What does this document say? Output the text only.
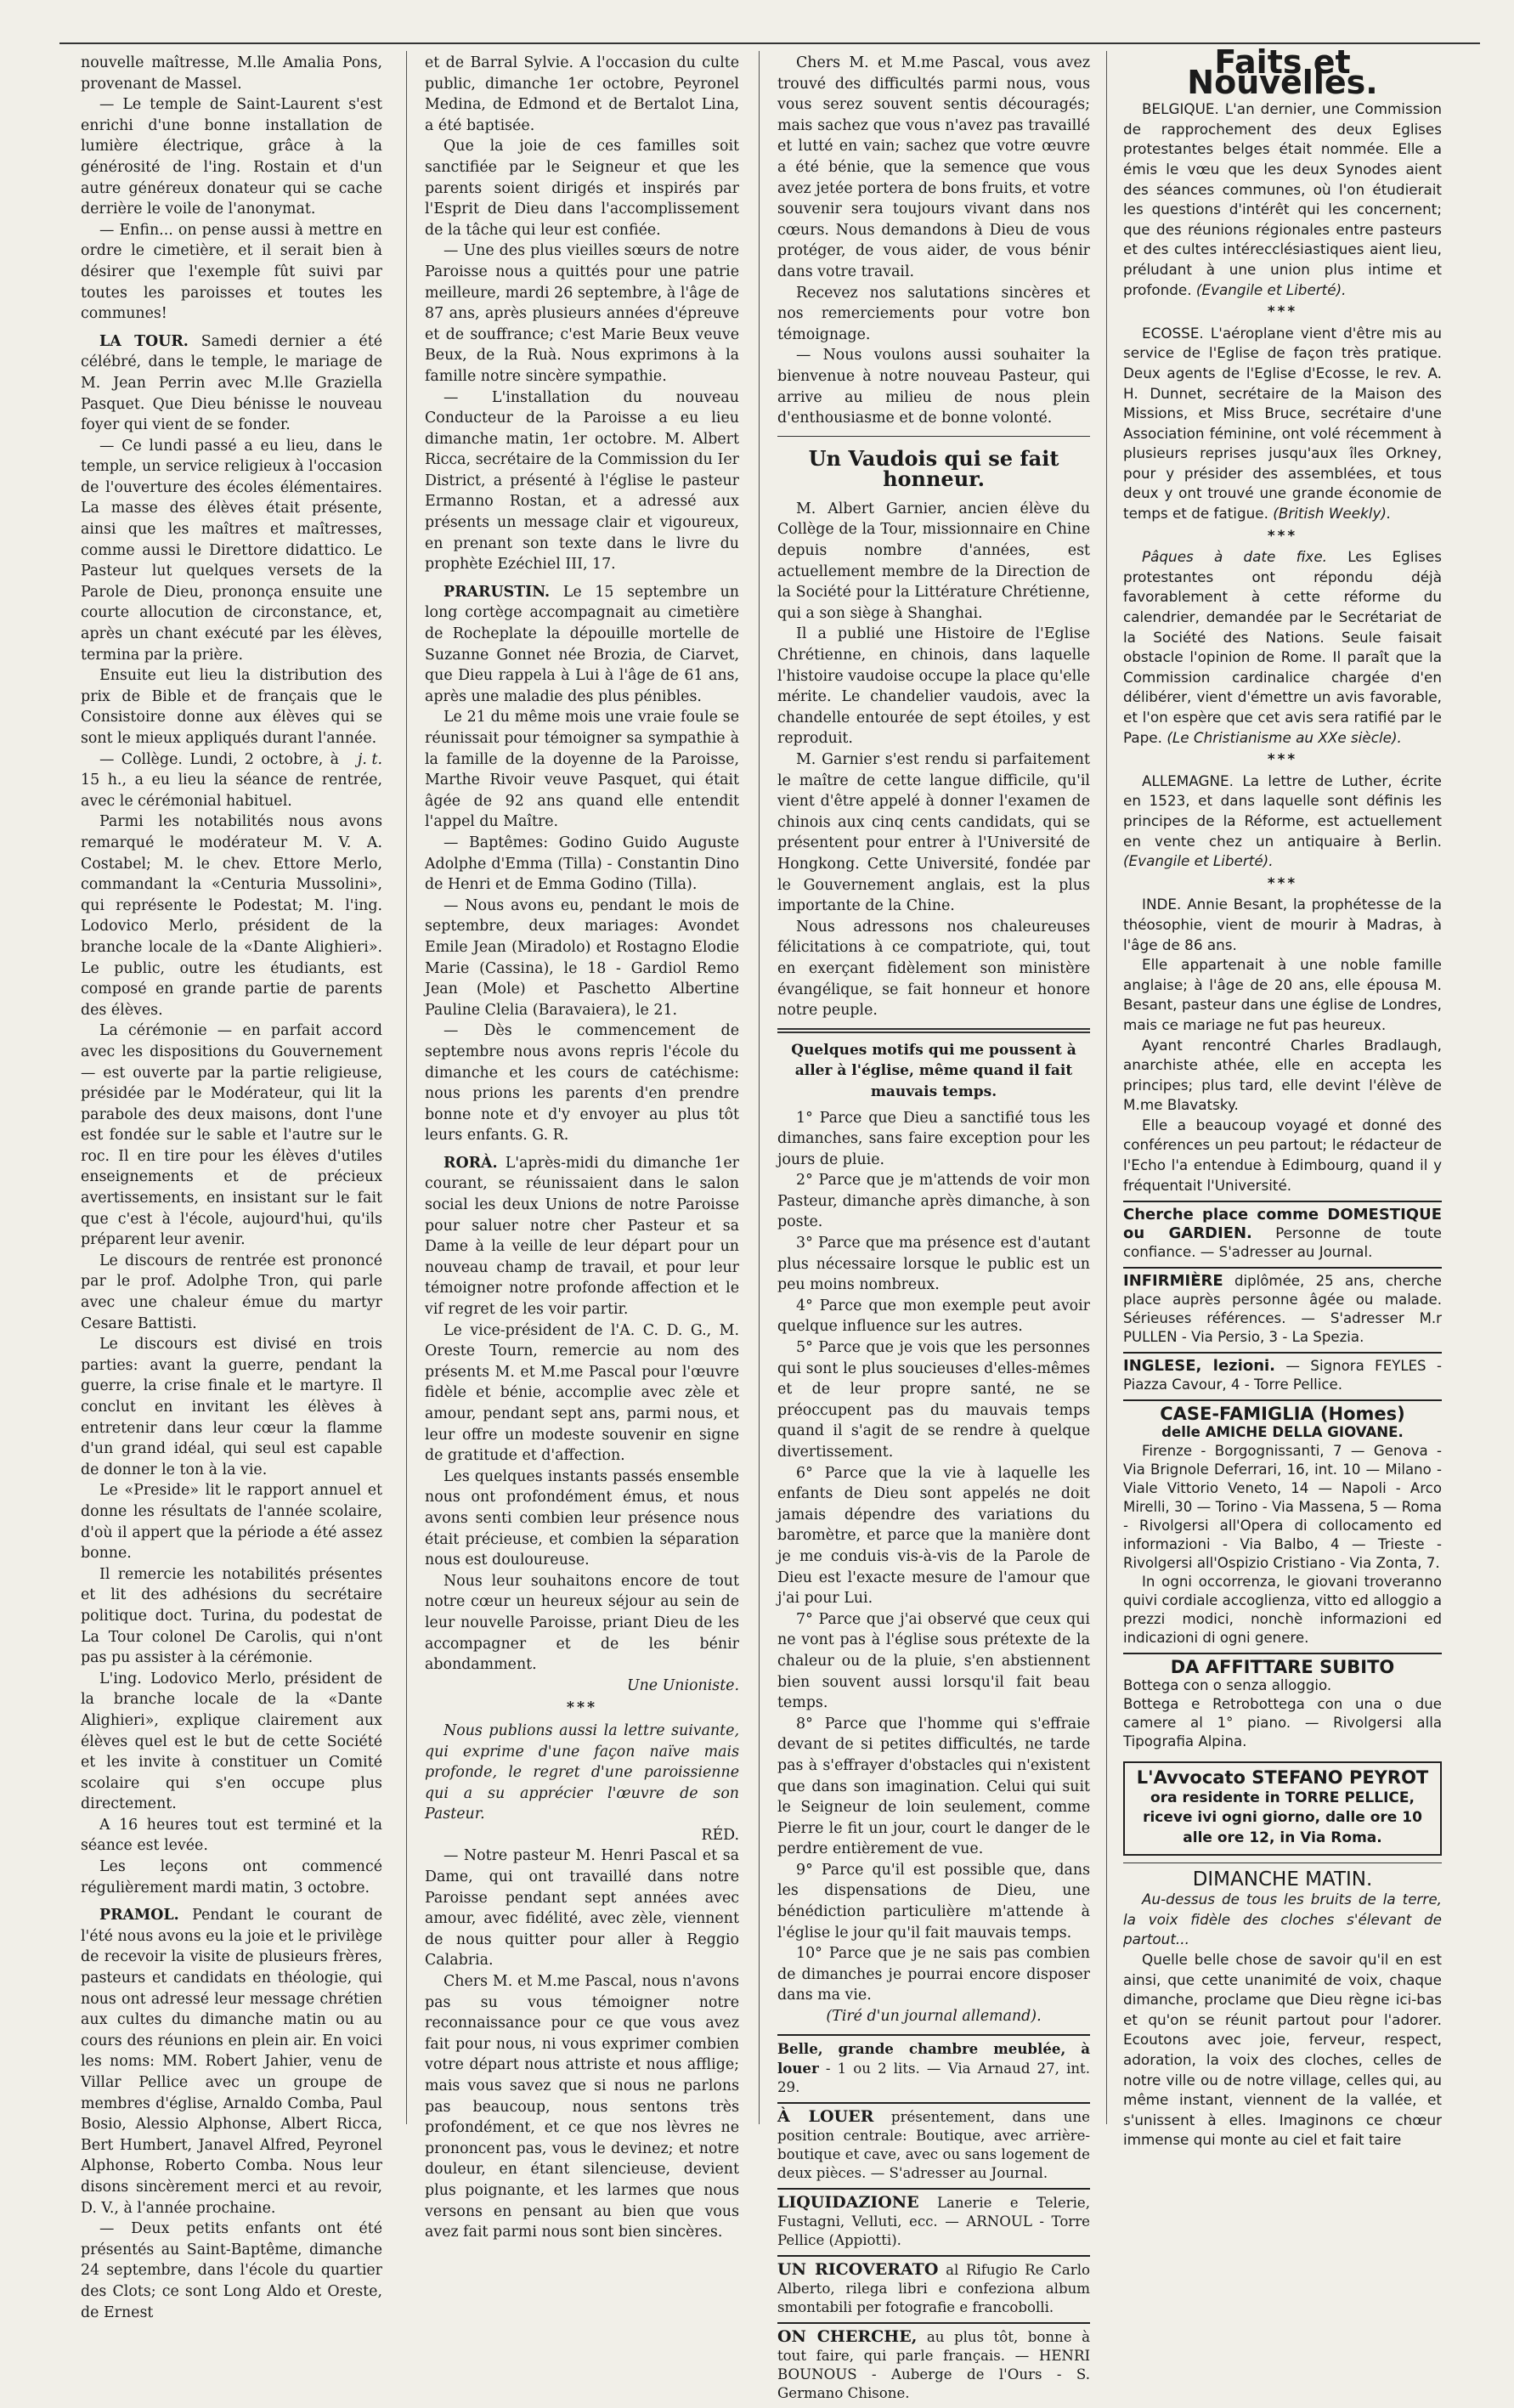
nouvelle maîtresse, M.lle Amalia Pons, provenant de Massel.

— Le temple de Saint-Laurent s'est enrichi d'une bonne installation de lumière électrique, grâce à la générosité de l'ing. Rostain et d'un autre généreux donateur qui se cache derrière le voile de l'anonymat.

— Enfin... on pense aussi à mettre en ordre le cimetière, et il serait bien à désirer que l'exemple fût suivi par toutes les paroisses et toutes les communes!

LA TOUR. Samedi dernier a été célébré, dans le temple, le mariage de M. Jean Perrin avec M.lle Graziella Pasquet. Que Dieu bénisse le nouveau foyer qui vient de se fonder.

— Ce lundi passé a eu lieu, dans le temple, un service religieux à l'occasion de l'ouverture des écoles élémentaires. La masse des élèves était présente, ainsi que les maîtres et maîtresses, comme aussi le Direttore didattico. Le Pasteur lut quelques versets de la Parole de Dieu, prononça ensuite une courte allocution de circonstance, et, après un chant exécuté par les élèves, termina par la prière.

Ensuite eut lieu la distribution des prix de Bible et de français que le Consistoire donne aux élèves qui se sont le mieux appliqués durant l'année.
j. t.

— Collège. Lundi, 2 octobre, à 15 h., a eu lieu la séance de rentrée, avec le cérémonial habituel.

Parmi les notabilités nous avons remarqué le modérateur M. V. A. Costabel; M. le chev. Ettore Merlo, commandant la «Centuria Mussolini», qui représente le Podestat; M. l'ing. Lodovico Merlo, président de la branche locale de la «Dante Alighieri». Le public, outre les étudiants, est composé en grande partie de parents des élèves.

La cérémonie — en parfait accord avec les dispositions du Gouvernement — est ouverte par la partie religieuse, présidée par le Modérateur, qui lit la parabole des deux maisons, dont l'une est fondée sur le sable et l'autre sur le roc. Il en tire pour les élèves d'utiles enseignements et de précieux avertissements, en insistant sur le fait que c'est à l'école, aujourd'hui, qu'ils préparent leur avenir.

Le discours de rentrée est prononcé par le prof. Adolphe Tron, qui parle avec une chaleur émue du martyr Cesare Battisti.

Le discours est divisé en trois parties: avant la guerre, pendant la guerre, la crise finale et le martyre. Il conclut en invitant les élèves à entretenir dans leur cœur la flamme d'un grand idéal, qui seul est capable de donner le ton à la vie.

Le «Preside» lit le rapport annuel et donne les résultats de l'année scolaire, d'où il appert que la période a été assez bonne.

Il remercie les notabilités présentes et lit des adhésions du secrétaire politique doct. Turina, du podestat de La Tour colonel De Carolis, qui n'ont pas pu assister à la cérémonie.

L'ing. Lodovico Merlo, président de la branche locale de la «Dante Alighieri», explique clairement aux élèves quel est le but de cette Société et les invite à constituer un Comité scolaire qui s'en occupe plus directement.

A 16 heures tout est terminé et la séance est levée.

Les leçons ont commencé régulièrement mardi matin, 3 octobre.

PRAMOL. Pendant le courant de l'été nous avons eu la joie et le privilège de recevoir la visite de plusieurs frères, pasteurs et candidats en théologie, qui nous ont adressé leur message chrétien aux cultes du dimanche matin ou au cours des réunions en plein air. En voici les noms: MM. Robert Jahier, venu de Villar Pellice avec un groupe de membres d'église, Arnaldo Comba, Paul Bosio, Alessio Alphonse, Albert Ricca, Bert Humbert, Janavel Alfred, Peyronel Alphonse, Roberto Comba. Nous leur disons sincèrement merci et au revoir, D. V., à l'année prochaine.

— Deux petits enfants ont été présentés au Saint-Baptême, dimanche 24 septembre, dans l'école du quartier des Clots; ce sont Long Aldo et Oreste, de Ernest

et de Barral Sylvie. A l'occasion du culte public, dimanche 1er octobre, Peyronel Medina, de Edmond et de Bertalot Lina, a été baptisée.

Que la joie de ces familles soit sanctifiée par le Seigneur et que les parents soient dirigés et inspirés par l'Esprit de Dieu dans l'accomplissement de la tâche qui leur est confiée.

— Une des plus vieilles sœurs de notre Paroisse nous a quittés pour une patrie meilleure, mardi 26 septembre, à l'âge de 87 ans, après plusieurs années d'épreuve et de souffrance; c'est Marie Beux veuve Beux, de la Ruà. Nous exprimons à la famille notre sincère sympathie.

— L'installation du nouveau Conducteur de la Paroisse a eu lieu dimanche matin, 1er octobre. M. Albert Ricca, secrétaire de la Commission du Ier District, a présenté à l'église le pasteur Ermanno Rostan, et a adressé aux présents un message clair et vigoureux, en prenant son texte dans le livre du prophète Ezéchiel III, 17.

PRARUSTIN. Le 15 septembre un long cortège accompagnait au cimetière de Rocheplate la dépouille mortelle de Suzanne Gonnet née Brozia, de Ciarvet, que Dieu rappela à Lui à l'âge de 61 ans, après une maladie des plus pénibles.

Le 21 du même mois une vraie foule se réunissait pour témoigner sa sympathie à la famille de la doyenne de la Paroisse, Marthe Rivoir veuve Pasquet, qui était âgée de 92 ans quand elle entendit l'appel du Maître.

— Baptêmes: Godino Guido Auguste Adolphe d'Emma (Tilla) - Constantin Dino de Henri et de Emma Godino (Tilla).

— Nous avons eu, pendant le mois de septembre, deux mariages: Avondet Emile Jean (Miradolo) et Rostagno Elodie Marie (Cassina), le 18 - Gardiol Remo Jean (Mole) et Paschetto Albertine Pauline Clelia (Baravaiera), le 21.

— Dès le commencement de septembre nous avons repris l'école du dimanche et les cours de catéchisme: nous prions les parents d'en prendre bonne note et d'y envoyer au plus tôt leurs enfants. G. R.

RORÀ. L'après-midi du dimanche 1er courant, se réunissaient dans le salon social les deux Unions de notre Paroisse pour saluer notre cher Pasteur et sa Dame à la veille de leur départ pour un nouveau champ de travail, et pour leur témoigner notre profonde affection et le vif regret de les voir partir.

Le vice-président de l'A. C. D. G., M. Oreste Tourn, remercie au nom des présents M. et M.me Pascal pour l'œuvre fidèle et bénie, accomplie avec zèle et amour, pendant sept ans, parmi nous, et leur offre un modeste souvenir en signe de gratitude et d'affection.

Les quelques instants passés ensemble nous ont profondément émus, et nous avons senti combien leur présence nous était précieuse, et combien la séparation nous est douloureuse.

Nous leur souhaitons encore de tout notre cœur un heureux séjour au sein de leur nouvelle Paroisse, priant Dieu de les accompagner et de les bénir abondamment.

Une Unioniste.
***

Nous publions aussi la lettre suivante, qui exprime d'une façon naïve mais profonde, le regret d'une paroissienne qui a su apprécier l'œuvre de son Pasteur.

RÉD.

— Notre pasteur M. Henri Pascal et sa Dame, qui ont travaillé dans notre Paroisse pendant sept années avec amour, avec fidélité, avec zèle, viennent de nous quitter pour aller à Reggio Calabria.

Chers M. et M.me Pascal, nous n'avons pas su vous témoigner notre reconnaissance pour ce que vous avez fait pour nous, ni vous exprimer combien votre départ nous attriste et nous afflige; mais vous savez que si nous ne parlons pas beaucoup, nous sentons très profondément, et ce que nos lèvres ne prononcent pas, vous le devinez; et notre douleur, en étant silencieuse, devient plus poignante, et les larmes que nous versons en pensant au bien que vous avez fait parmi nous sont bien sincères.

Chers M. et M.me Pascal, vous avez trouvé des difficultés parmi nous, vous vous serez souvent sentis découragés; mais sachez que vous n'avez pas travaillé et lutté en vain; sachez que votre œuvre a été bénie, que la semence que vous avez jetée portera de bons fruits, et votre souvenir sera toujours vivant dans nos cœurs. Nous demandons à Dieu de vous protéger, de vous aider, de vous bénir dans votre travail.

Recevez nos salutations sincères et nos remerciements pour votre bon témoignage.

— Nous voulons aussi souhaiter la bienvenue à notre nouveau Pasteur, qui arrive au milieu de nous plein d'enthousiasme et de bonne volonté.

Un Vaudois qui se fait honneur.

M. Albert Garnier, ancien élève du Collège de la Tour, missionnaire en Chine depuis nombre d'années, est actuellement membre de la Direction de la Société pour la Littérature Chrétienne, qui a son siège à Shanghai.

Il a publié une Histoire de l'Eglise Chrétienne, en chinois, dans laquelle l'histoire vaudoise occupe la place qu'elle mérite. Le chandelier vaudois, avec la chandelle entourée de sept étoiles, y est reproduit.

M. Garnier s'est rendu si parfaitement le maître de cette langue difficile, qu'il vient d'être appelé à donner l'examen de chinois aux cinq cents candidats, qui se présentent pour entrer à l'Université de Hongkong. Cette Université, fondée par le Gouvernement anglais, est la plus importante de la Chine.

Nous adressons nos chaleureuses félicitations à ce compatriote, qui, tout en exerçant fidèlement son ministère évangélique, se fait honneur et honore notre peuple.

Quelques motifs qui me poussent à aller à l'église, même quand il fait mauvais temps.

1° Parce que Dieu a sanctifié tous les dimanches, sans faire exception pour les jours de pluie.

2° Parce que je m'attends de voir mon Pasteur, dimanche après dimanche, à son poste.

3° Parce que ma présence est d'autant plus nécessaire lorsque le public est un peu moins nombreux.

4° Parce que mon exemple peut avoir quelque influence sur les autres.

5° Parce que je vois que les personnes qui sont le plus soucieuses d'elles-mêmes et de leur propre santé, ne se préoccupent pas du mauvais temps quand il s'agit de se rendre à quelque divertissement.

6° Parce que la vie à laquelle les enfants de Dieu sont appelés ne doit jamais dépendre des variations du baromètre, et parce que la manière dont je me conduis vis-à-vis de la Parole de Dieu est l'exacte mesure de l'amour que j'ai pour Lui.

7° Parce que j'ai observé que ceux qui ne vont pas à l'église sous prétexte de la chaleur ou de la pluie, s'en abstiennent bien souvent aussi lorsqu'il fait beau temps.

8° Parce que l'homme qui s'effraie devant de si petites difficultés, ne tarde pas à s'effrayer d'obstacles qui n'existent que dans son imagination. Celui qui suit le Seigneur de loin seulement, comme Pierre le fit un jour, court le danger de le perdre entièrement de vue.

9° Parce qu'il est possible que, dans les dispensations de Dieu, une bénédiction particulière m'attende à l'église le jour qu'il fait mauvais temps.

10° Parce que je ne sais pas combien de dimanches je pourrai encore disposer dans ma vie.

(Tiré d'un journal allemand).

Belle, grande chambre meublée, à louer - 1 ou 2 lits. — Via Arnaud 27, int. 29.

À LOUER présentement, dans une position centrale: Boutique, avec arrière-boutique et cave, avec ou sans logement de deux pièces. — S'adresser au Journal.

LIQUIDAZIONE Lanerie e Telerie, Fustagni, Velluti, ecc. — ARNOUL - Torre Pellice (Appiotti).

UN RICOVERATO al Rifugio Re Carlo Alberto, rilega libri e confeziona album smontabili per fotografie e francobolli.

ON CHERCHE, au plus tôt, bonne à tout faire, qui parle français. — HENRI BOUNOUS - Auberge de l'Ours - S. Germano Chisone.

Faits et Nouvelles.

BELGIQUE. L'an dernier, une Commission de rapprochement des deux Eglises protestantes belges était nommée. Elle a émis le vœu que les deux Synodes aient des séances communes, où l'on étudierait les questions d'intérêt qui les concernent; que des réunions régionales entre pasteurs et des cultes intérecclésiastiques aient lieu, préludant à une union plus intime et profonde. (Evangile et Liberté).

***

ECOSSE. L'aéroplane vient d'être mis au service de l'Eglise de façon très pratique. Deux agents de l'Eglise d'Ecosse, le rev. A. H. Dunnet, secrétaire de la Maison des Missions, et Miss Bruce, secrétaire d'une Association féminine, ont volé récemment à plusieurs reprises jusqu'aux îles Orkney, pour y présider des assemblées, et tous deux y ont trouvé une grande économie de temps et de fatigue. (British Weekly).

***

Pâques à date fixe. Les Eglises protestantes ont répondu déjà favorablement à cette réforme du calendrier, demandée par le Secrétariat de la Société des Nations. Seule faisait obstacle l'opinion de Rome. Il paraît que la Commission cardinalice chargée d'en délibérer, vient d'émettre un avis favorable, et l'on espère que cet avis sera ratifié par le Pape. (Le Christianisme au XXe siècle).

***

ALLEMAGNE. La lettre de Luther, écrite en 1523, et dans laquelle sont définis les principes de la Réforme, est actuellement en vente chez un antiquaire à Berlin. (Evangile et Liberté).

***

INDE. Annie Besant, la prophétesse de la théosophie, vient de mourir à Madras, à l'âge de 86 ans.

Elle appartenait à une noble famille anglaise; à l'âge de 20 ans, elle épousa M. Besant, pasteur dans une église de Londres, mais ce mariage ne fut pas heureux.

Ayant rencontré Charles Bradlaugh, anarchiste athée, elle en accepta les principes; plus tard, elle devint l'élève de M.me Blavatsky.

Elle a beaucoup voyagé et donné des conférences un peu partout; le rédacteur de l'Echo l'a entendue à Edimbourg, quand il y fréquentait l'Université.

Cherche place comme DOMESTIQUE ou GARDIEN. Personne de toute confiance. — S'adresser au Journal.

INFIRMIÈRE diplômée, 25 ans, cherche place auprès personne âgée ou malade. Sérieuses références. — S'adresser M.r PULLEN - Via Persio, 3 - La Spezia.

INGLESE, lezioni. — Signora FEYLES - Piazza Cavour, 4 - Torre Pellice.

CASE-FAMIGLIA (Homes)
delle AMICHE DELLA GIOVANE.

Firenze - Borgognissanti, 7 — Genova - Via Brignole Deferrari, 16, int. 10 — Milano - Viale Vittorio Veneto, 14 — Napoli - Arco Mirelli, 30 — Torino - Via Massena, 5 — Roma - Rivolgersi all'Opera di collocamento ed informazioni - Via Balbo, 4 — Trieste - Rivolgersi all'Ospizio Cristiano - Via Zonta, 7.

In ogni occorrenza, le giovani troveranno quivi cordiale accoglienza, vitto ed alloggio a prezzi modici, nonchè informazioni ed indicazioni di ogni genere.

DA AFFITTARE SUBITO

Bottega con o senza alloggio.

Bottega e Retrobottega con una o due camere al 1° piano. — Rivolgersi alla Tipografia Alpina.

L'Avvocato STEFANO PEYROT
ora residente in TORRE PELLICE, riceve ivi ogni giorno, dalle ore 10 alle ore 12, in Via Roma.
DIMANCHE MATIN.

Au-dessus de tous les bruits de la terre, la voix fidèle des cloches s'élevant de partout...

Quelle belle chose de savoir qu'il en est ainsi, que cette unanimité de voix, chaque dimanche, proclame que Dieu règne ici-bas et qu'on se réunit partout pour l'adorer. Ecoutons avec joie, ferveur, respect, adoration, la voix des cloches, celles de notre ville ou de notre village, celles qui, au même instant, viennent de la vallée, et s'unissent à elles. Imaginons ce chœur immense qui monte au ciel et fait taire
